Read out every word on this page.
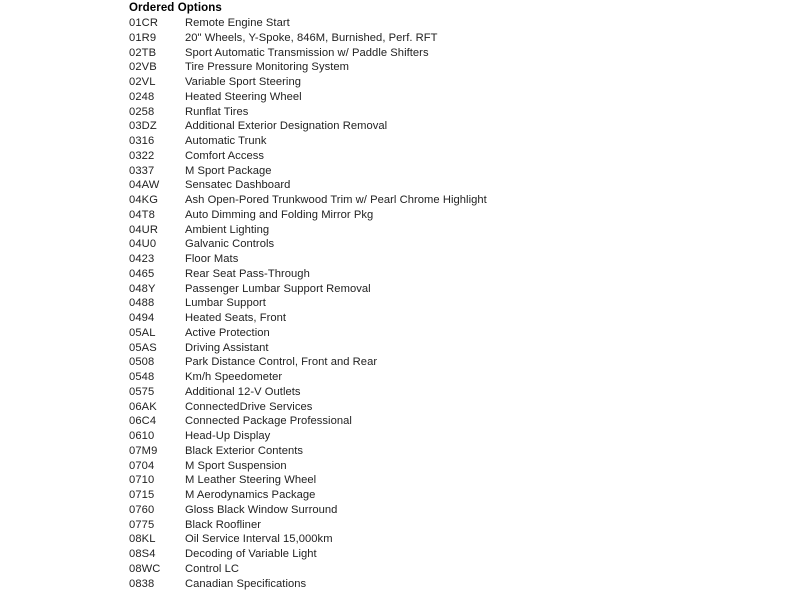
Ordered Options
01CR	Remote Engine Start
01R9	20" Wheels, Y-Spoke, 846M, Burnished, Perf. RFT
02TB	Sport Automatic Transmission w/ Paddle Shifters
02VB	Tire Pressure Monitoring System
02VL	Variable Sport Steering
0248	Heated Steering Wheel
0258	Runflat Tires
03DZ	Additional Exterior Designation Removal
0316	Automatic Trunk
0322	Comfort Access
0337	M Sport Package
04AW	Sensatec Dashboard
04KG	Ash Open-Pored Trunkwood Trim w/ Pearl Chrome Highlight
04T8	Auto Dimming and Folding Mirror Pkg
04UR	Ambient Lighting
04U0	Galvanic Controls
0423	Floor Mats
0465	Rear Seat Pass-Through
048Y	Passenger Lumbar Support Removal
0488	Lumbar Support
0494	Heated Seats, Front
05AL	Active Protection
05AS	Driving Assistant
0508	Park Distance Control, Front and Rear
0548	Km/h Speedometer
0575	Additional 12-V Outlets
06AK	ConnectedDrive Services
06C4	Connected Package Professional
0610	Head-Up Display
07M9	Black Exterior Contents
0704	M Sport Suspension
0710	M Leather Steering Wheel
0715	M Aerodynamics Package
0760	Gloss Black Window Surround
0775	Black Roofliner
08KL	Oil Service Interval 15,000km
08S4	Decoding of Variable Light
08WC	Control LC
0838	Canadian Specifications
